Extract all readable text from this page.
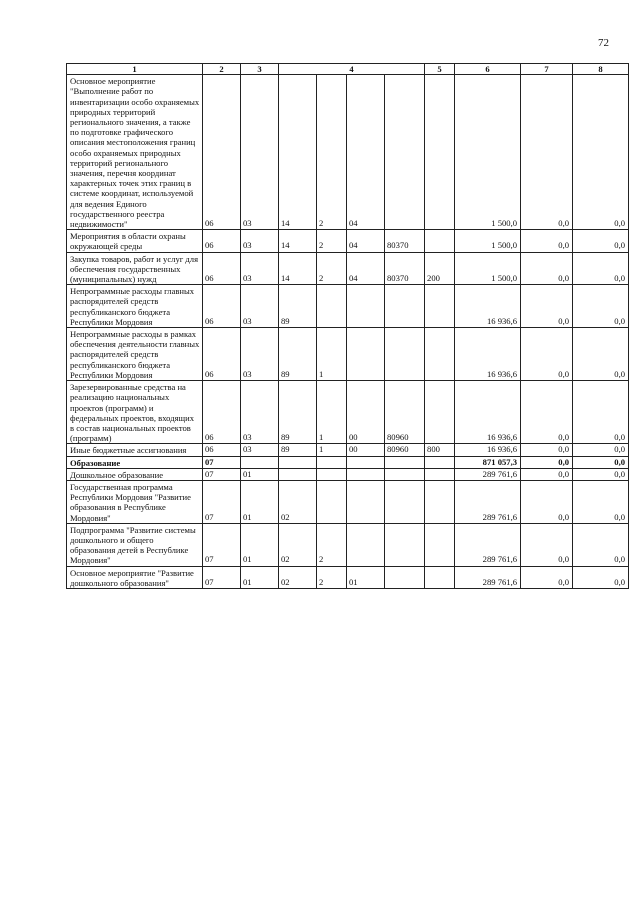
72
1	2	3	4				5	6	7	8
Основное мероприятие "Выполнение работ по инвентаризации особо охраняемых природных территорий регионального значения, а также по подготовке графического описания местоположения границ особо охраняемых природных территорий регионального значения, перечня координат характерных точек этих границ в системе координат, используемой для ведения Единого государственного реестра недвижимости"	06	03	14	2	04			1 500,0	0,0	0,0
Мероприятия в области охраны окружающей среды	06	03	14	2	04	80370		1 500,0	0,0	0,0
Закупка товаров, работ и услуг для обеспечения государственных (муниципальных) нужд	06	03	14	2	04	80370	200	1 500,0	0,0	0,0
Непрограммные расходы главных распорядителей средств республиканского бюджета Республики Мордовия	06	03	89					16 936,6	0,0	0,0
Непрограммные расходы в рамках обеспечения деятельности главных распорядителей средств республиканского бюджета Республики Мордовия	06	03	89	1				16 936,6	0,0	0,0
Зарезервированные средства на реализацию национальных проектов (программ) и федеральных проектов, входящих в состав национальных проектов (программ)	06	03	89	1	00	80960		16 936,6	0,0	0,0
Иные бюджетные ассигнования	06	03	89	1	00	80960	800	16 936,6	0,0	0,0
Образование	07							871 057,3	0,0	0,0
Дошкольное образование	07	01						289 761,6	0,0	0,0
Государственная программа Республики Мордовия "Развитие образования в Республике Мордовия"	07	01	02					289 761,6	0,0	0,0
Подпрограмма "Развитие системы дошкольного и общего образования детей в Республике Мордовия"	07	01	02	2				289 761,6	0,0	0,0
Основное мероприятие "Развитие дошкольного образования"	07	01	02	2	01			289 761,6	0,0	0,0
